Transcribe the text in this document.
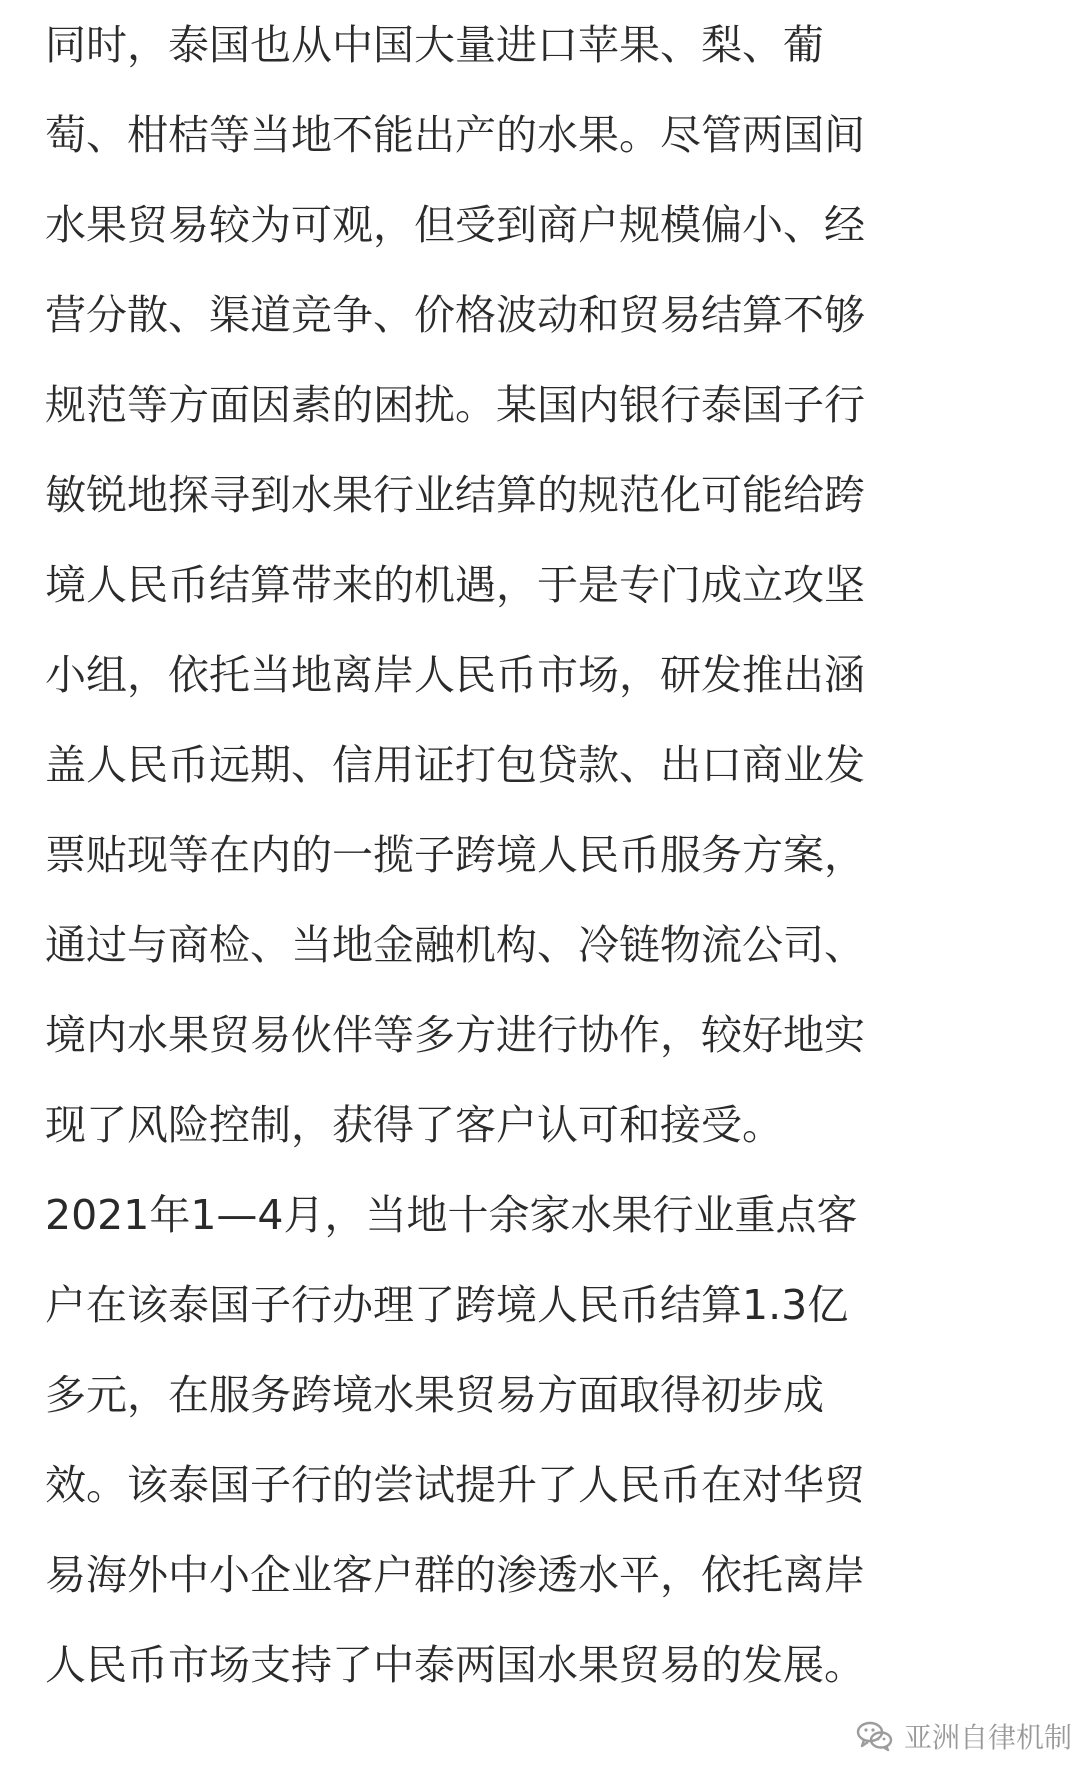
同时，泰国也从中国大量进口苹果、梨、葡
萄、柑桔等当地不能出产的水果。尽管两国间
水果贸易较为可观，但受到商户规模偏小、经
营分散、渠道竞争、价格波动和贸易结算不够
规范等方面因素的困扰。某国内银行泰国子行
敏锐地探寻到水果行业结算的规范化可能给跨
境人民币结算带来的机遇，于是专门成立攻坚
小组，依托当地离岸人民币市场，研发推出涵
盖人民币远期、信用证打包贷款、出口商业发
票贴现等在内的一揽子跨境人民币服务方案，
通过与商检、当地金融机构、冷链物流公司、
境内水果贸易伙伴等多方进行协作，较好地实
现了风险控制，获得了客户认可和接受。
2021年1—4月，当地十余家水果行业重点客
户在该泰国子行办理了跨境人民币结算1.3亿
多元，在服务跨境水果贸易方面取得初步成
效。该泰国子行的尝试提升了人民币在对华贸
易海外中小企业客户群的渗透水平，依托离岸
人民币市场支持了中泰两国水果贸易的发展。
亚洲自律机制
